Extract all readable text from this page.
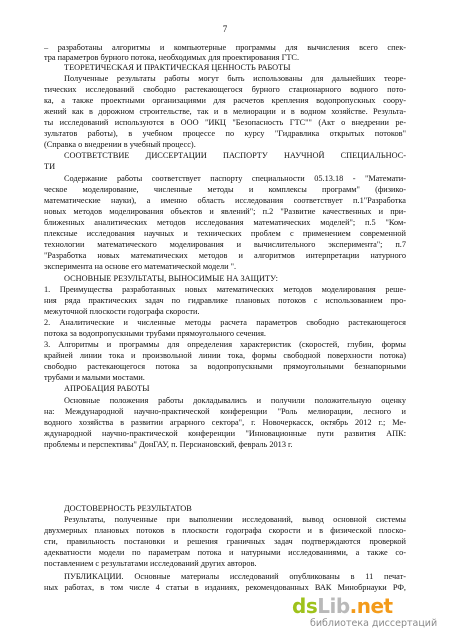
7
– разработаны алгоритмы и компьютерные программы для вычисления всего спек-
тра параметров бурного потока, необходимых для проектирования ГТС.
ТЕОРЕТИЧЕСКАЯ И ПРАКТИЧЕСКАЯ ЦЕННОСТЬ РАБОТЫ
Полученные результаты работы могут быть использованы для дальнейших теоре-
тических исследований свободно растекающегося бурного стационарного водного пото-
ка, а также проектными организациями для расчетов крепления водопропускных соору-
жений как в дорожном строительстве, так и в мелиорации и в водном хозяйстве. Результа-
ты исследований используются в ООО "ИКЦ "Безопасность ГТС"" (Акт о внедрении ре-
зультатов работы), в учебном процессе по курсу "Гидравлика открытых потоков"
(Справка о внедрении в учебный процесс).
СООТВЕТСТВИЕ ДИССЕРТАЦИИ ПАСПОРТУ НАУЧНОЙ СПЕЦИАЛЬНОС-
ТИ
Содержание работы соответствует паспорту специальности 05.13.18 - "Математи-
ческое моделирование, численные методы и комплексы программ" (физико-
математические науки), а именно область исследования соответствует п.1"Разработка
новых методов моделирования объектов и явлений"; п.2 "Развитие качественных и при-
ближенных аналитических методов исследования математических моделей"; п.5 "Ком-
плексные исследования научных и технических проблем с применением современной
технологии математического моделирования и вычислительного эксперимента"; п.7
"Разработка новых математических методов и алгоритмов интерпретации натурного
эксперимента на основе его математической модели ".
ОСНОВНЫЕ РЕЗУЛЬТАТЫ, ВЫНОСИМЫЕ НА ЗАЩИТУ:
1. Преимущества разработанных новых математических методов моделирования реше-
ния ряда практических задач по гидравлике плановых потоков с использованием про-
межуточной плоскости годографа скорости.
2. Аналитические и численные методы расчета параметров свободно растекающегося
потока за водопропускными трубами прямоугольного сечения.
3. Алгоритмы и программы для определения характеристик (скоростей, глубин, формы
крайней линии тока и произвольной линии тока, формы свободной поверхности потока)
свободно растекающегося потока за водопропускными прямоугольными безнапорными
трубами и малыми мостами.
АПРОБАЦИЯ РАБОТЫ
Основные положения работы докладывались и получили положительную оценку
на: Международной научно-практической конференции "Роль мелиорации, лесного и
водного хозяйства в развитии аграрного сектора", г. Новочеркасск, октябрь 2012 г.; Ме-
ждународной научно-практической конференции "Инновационные пути развития АПК:
проблемы и перспективы" ДонГАУ, п. Персиановский, февраль 2013 г.
ДОСТОВЕРНОСТЬ РЕЗУЛЬТАТОВ
Результаты, полученные при выполнении исследований, вывод основной системы
двухмерных плановых потоков в плоскости годографа скорости и в физической плоско-
сти, правильность постановки и решения граничных задач подтверждаются проверкой
адекватности модели по параметрам потока и натурными исследованиями, а также со-
поставлением с результатами исследований других авторов.
ПУБЛИКАЦИИ. Основные материалы исследований опубликованы в 11 печат-
ных работах, в том числе 4 статьи в изданиях, рекомендованных ВАК Минобрнауки РФ,
dsLib.net
библиотека диссертаций
